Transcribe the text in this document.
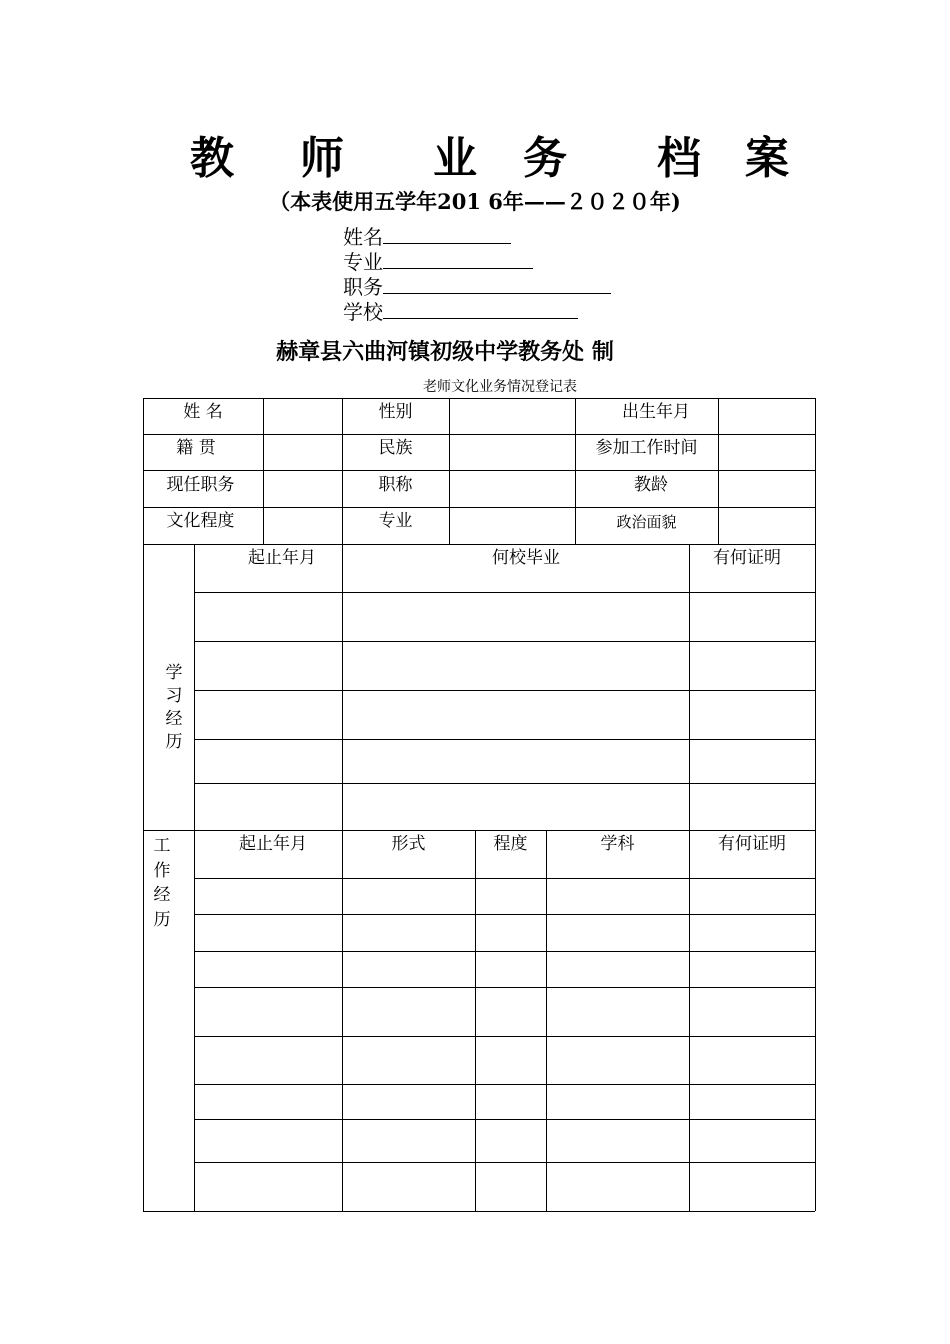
教 师 业 务 档 案
（本表使用五学年201 6年——２０２０年)
姓名
专业
职务
学校
赫章县六曲河镇初级中学教务处 制
老师文化业务情况登记表
姓 名	性别	出生年月
籍 贯	民族	参加工作时间
现任职务	职称	教龄
文化程度	专业	政治面貌
学
习
经
历
起止年月	何校毕业	有何证明
工
作
经
历
起止年月	形式	程度	学科	有何证明
